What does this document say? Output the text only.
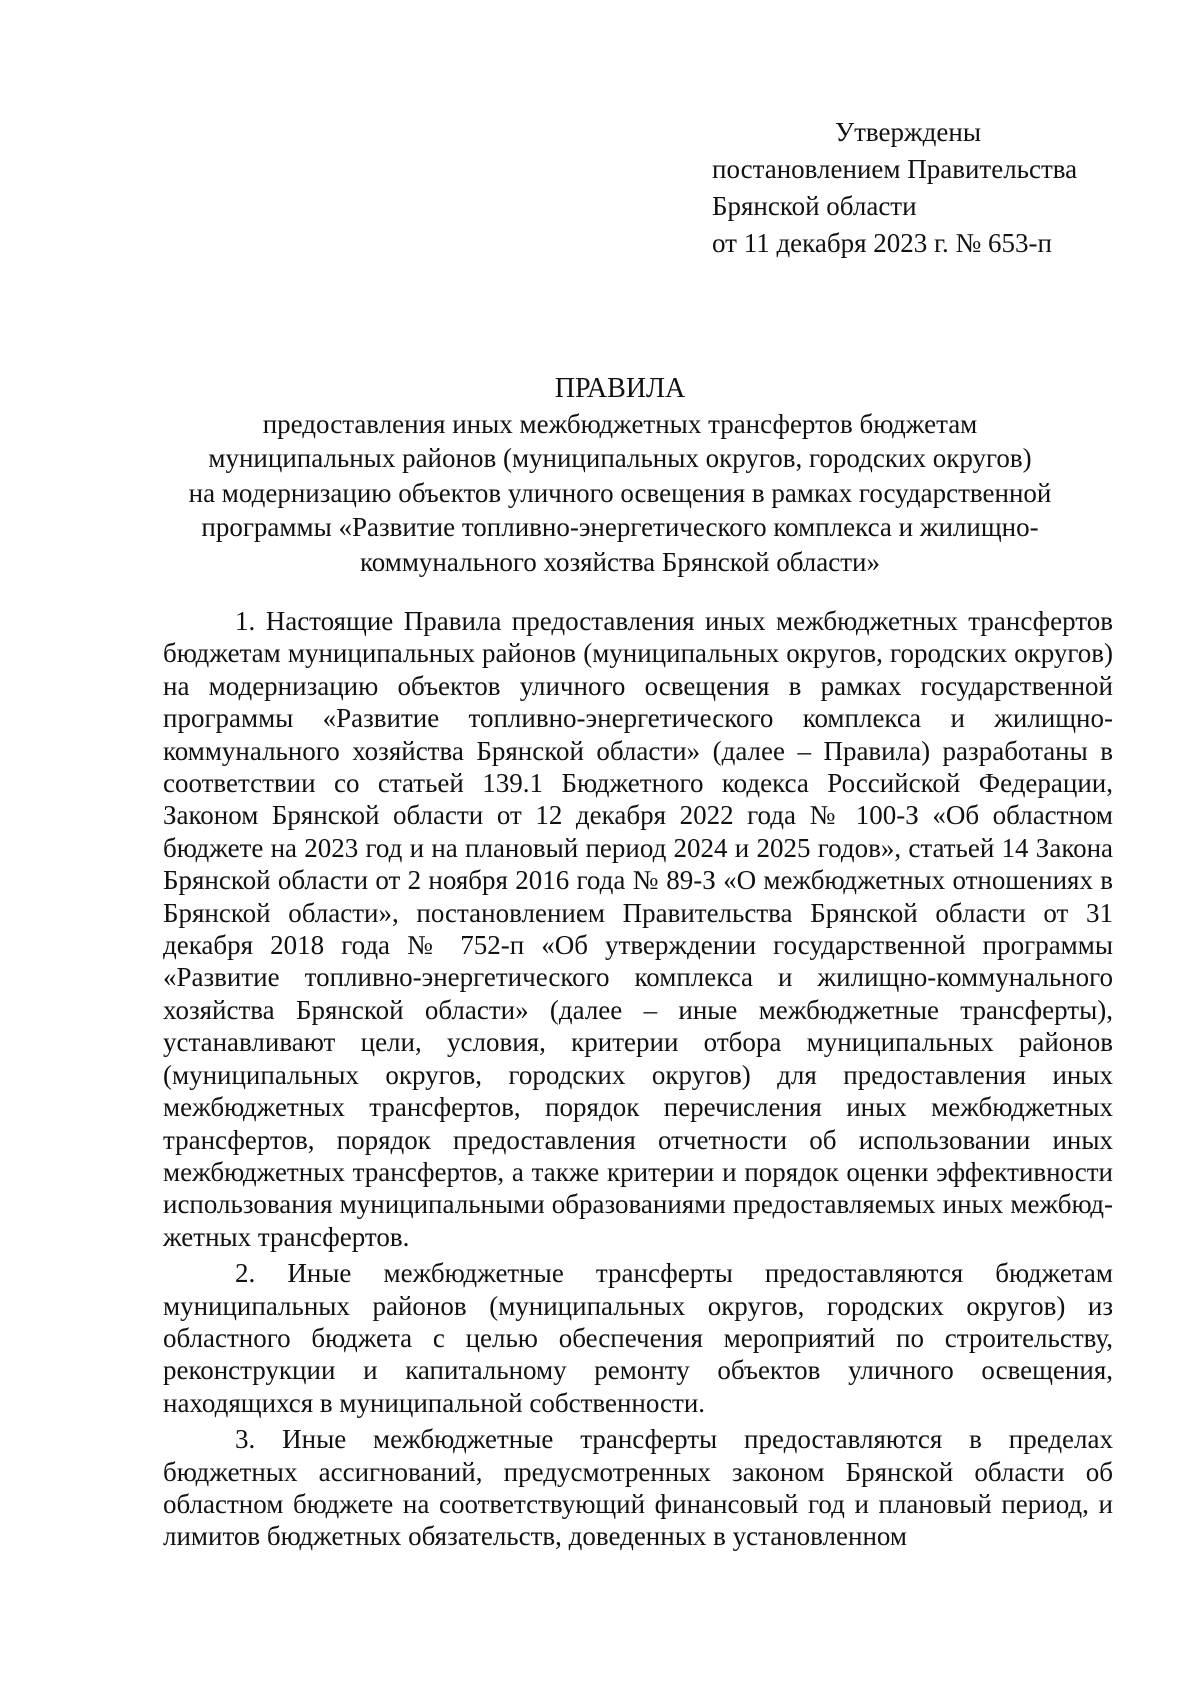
Утверждены
постановлением Правительства
Брянской области
от 11 декабря 2023 г. № 653-п
ПРАВИЛА
предоставления иных межбюджетных трансфертов бюджетам
муниципальных районов (муниципальных округов, городских округов)
на модернизацию объектов уличного освещения в рамках государственной
программы «Развитие топливно-энергетического комплекса и жилищно-
коммунального хозяйства Брянской области»

1. Настоящие Правила предоставления иных межбюджетных трансфертов бюджетам муниципальных районов (муниципальных округов, городских округов) на модернизацию объектов уличного освещения в рамках государственной программы «Развитие топливно-энергетического комплекса и жилищно-коммунального хозяйства Брянской области» (далее – Правила) разработаны в соответствии со статьей 139.1 Бюджетного кодекса Российской Федерации, Законом Брянской области от 12 декабря 2022 года № 100-З «Об областном бюджете на 2023 год и на плановый период 2024 и 2025 годов», статьей 14 Закона Брянской области от 2 ноября 2016 года № 89-З «О межбюджетных отношениях в Брянской области», постановлением Правительства Брянской области от 31 декабря 2018 года № 752-п «Об утверждении государственной программы «Развитие топливно-энергетического комплекса и жилищно-коммунального хозяйства Брянской области» (далее – иные межбюджетные трансферты), устанавливают цели, условия, критерии отбора муниципальных районов (муниципальных округов, городских округов) для предоставления иных межбюджетных трансфертов, порядок перечисления иных межбюджетных трансфертов, порядок предоставления отчетности об использовании иных межбюджетных трансфертов, а также критерии и порядок оценки эффективности использования муниципальными образованиями предоставляемых иных межбюджетных трансфертов.

2. Иные межбюджетные трансферты предоставляются бюджетам муниципальных районов (муниципальных округов, городских округов) из областного бюджета с целью обеспечения мероприятий по строительству, реконструкции и капитальному ремонту объектов уличного освещения, находящихся в муниципальной собственности.

3. Иные межбюджетные трансферты предоставляются в пределах бюджетных ассигнований, предусмотренных законом Брянской области об областном бюджете на соответствующий финансовый год и плановый период, и лимитов бюджетных обязательств, доведенных в установленном
